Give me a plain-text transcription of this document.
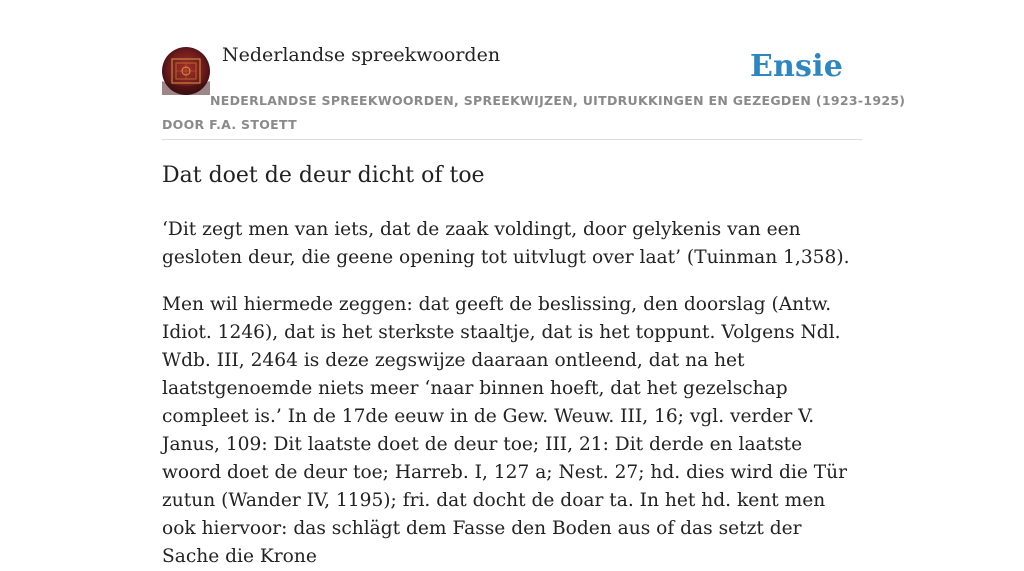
Nederlandse spreekwoorden	Ensie
NEDERLANDSE SPREEKWOORDEN, SPREEKWIJZEN, UITDRUKKINGEN EN GEZEGDEN (1923-1925)
DOOR F.A. STOETT
Dat doet de deur dicht of toe

‘Dit zegt men van iets, dat de zaak voldingt, door gelykenis van een gesloten deur, die geene opening tot uitvlugt over laat’ (Tuinman 1,358).

Men wil hiermede zeggen: dat geeft de beslissing, den doorslag (Antw. Idiot. 1246), dat is het sterkste staaltje, dat is het toppunt. Volgens Ndl. Wdb. III, 2464 is deze zegswijze daaraan ontleend, dat na het laatstgenoemde niets meer ‘naar binnen hoeft, dat het gezelschap compleet is.’ In de 17de eeuw in de Gew. Weuw. III, 16; vgl. verder V. Janus, 109: Dit laatste doet de deur toe; III, 21: Dit derde en laatste woord doet de deur toe; Harreb. I, 127 a; Nest. 27; hd. dies wird die Tür zutun (Wander IV, 1195); fri. dat docht de doar ta. In het hd. kent men ook hiervoor: das schlägt dem Fasse den Boden aus of das setzt der Sache die Krone
